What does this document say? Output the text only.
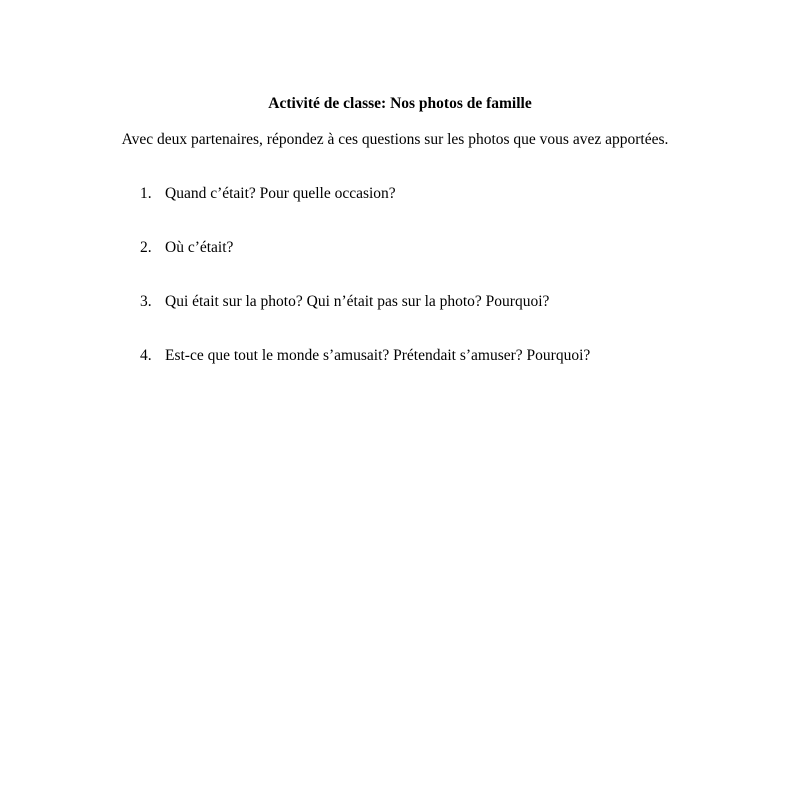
Activité de classe: Nos photos de famille
Avec deux partenaires, répondez à ces questions sur les photos que vous avez apportées.
1. Quand c’était? Pour quelle occasion?
2. Où c’était?
3. Qui était sur la photo? Qui n’était pas sur la photo? Pourquoi?
4. Est-ce que tout le monde s’amusait? Prétendait s’amuser? Pourquoi?
